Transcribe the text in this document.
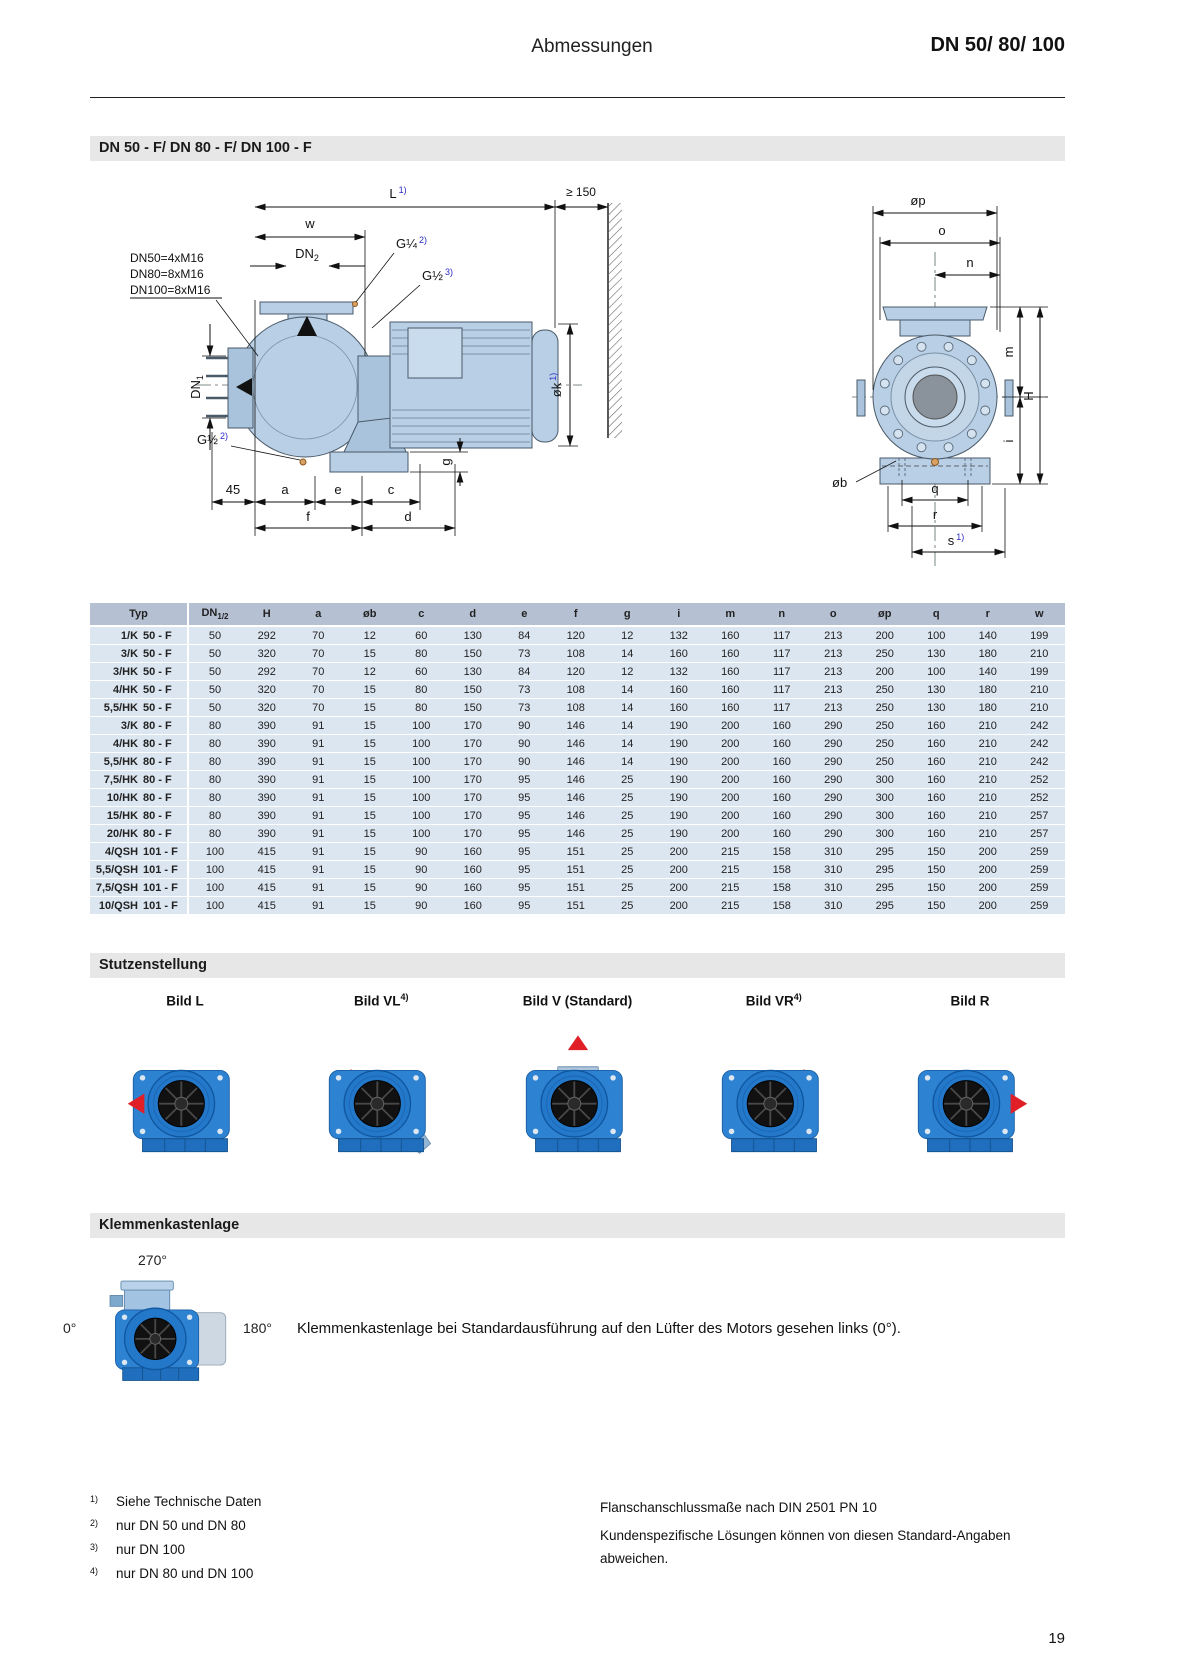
Abmessungen	DN 50/ 80/ 100
DN 50 - F/ DN 80 - F/ DN 100 - F
L $^{1)}$	≥ 150
w
$DN_2$
G¼ $^{2)}$
G½ $^{3)}$
DN50=4xM16
DN80=8xM16
DN100=8xM16
$DN_1$
$øk^{1)}$
G½ $^{2)}$
45	a	e	c
f	d
g
øp
o
n
m
i
H
øb	q
r
s $^{1)}$
Typ	$DN_{1/2}$	H	a	øb	c	d	e	f	g	i	m	n	o	øp	q	r	w
1/K 50 - F	50	292	70	12	60	130	84	120	12	132	160	117	213	200	100	140	199
3/K 50 - F	50	320	70	15	80	150	73	108	14	160	160	117	213	250	130	180	210
3/HK 50 - F	50	292	70	12	60	130	84	120	12	132	160	117	213	200	100	140	199
4/HK 50 - F	50	320	70	15	80	150	73	108	14	160	160	117	213	250	130	180	210
5,5/HK 50 - F	50	320	70	15	80	150	73	108	14	160	160	117	213	250	130	180	210
3/K 80 - F	80	390	91	15	100	170	90	146	14	190	200	160	290	250	160	210	242
4/HK 80 - F	80	390	91	15	100	170	90	146	14	190	200	160	290	250	160	210	242
5,5/HK 80 - F	80	390	91	15	100	170	90	146	14	190	200	160	290	250	160	210	242
7,5/HK 80 - F	80	390	91	15	100	170	95	146	25	190	200	160	290	300	160	210	252
10/HK 80 - F	80	390	91	15	100	170	95	146	25	190	200	160	290	300	160	210	252
15/HK 80 - F	80	390	91	15	100	170	95	146	25	190	200	160	290	300	160	210	257
20/HK 80 - F	80	390	91	15	100	170	95	146	25	190	200	160	290	300	160	210	257
4/QSH 101 - F	100	415	91	15	90	160	95	151	25	200	215	158	310	295	150	200	259
5,5/QSH 101 - F	100	415	91	15	90	160	95	151	25	200	215	158	310	295	150	200	259
7,5/QSH 101 - F	100	415	91	15	90	160	95	151	25	200	215	158	310	295	150	200	259
10/QSH 101 - F	100	415	91	15	90	160	95	151	25	200	215	158	310	295	150	200	259
Stutzenstellung
Bild L	Bild VL$^{4)}$	Bild V (Standard)	Bild VR$^{4)}$	Bild R
Klemmenkastenlage
270°
0°	180° Klemmenkastenlage bei Standardausführung auf den Lüfter des Motors gesehen links (0°).
1)	Siehe Technische Daten
2)	nur DN 50 und DN 80
3)	nur DN 100
4)	nur DN 80 und DN 100
Flanschanschlussmaße nach DIN 2501 PN 10
Kundenspezifische Lösungen können von diesen Standard-Angaben abweichen.
19
